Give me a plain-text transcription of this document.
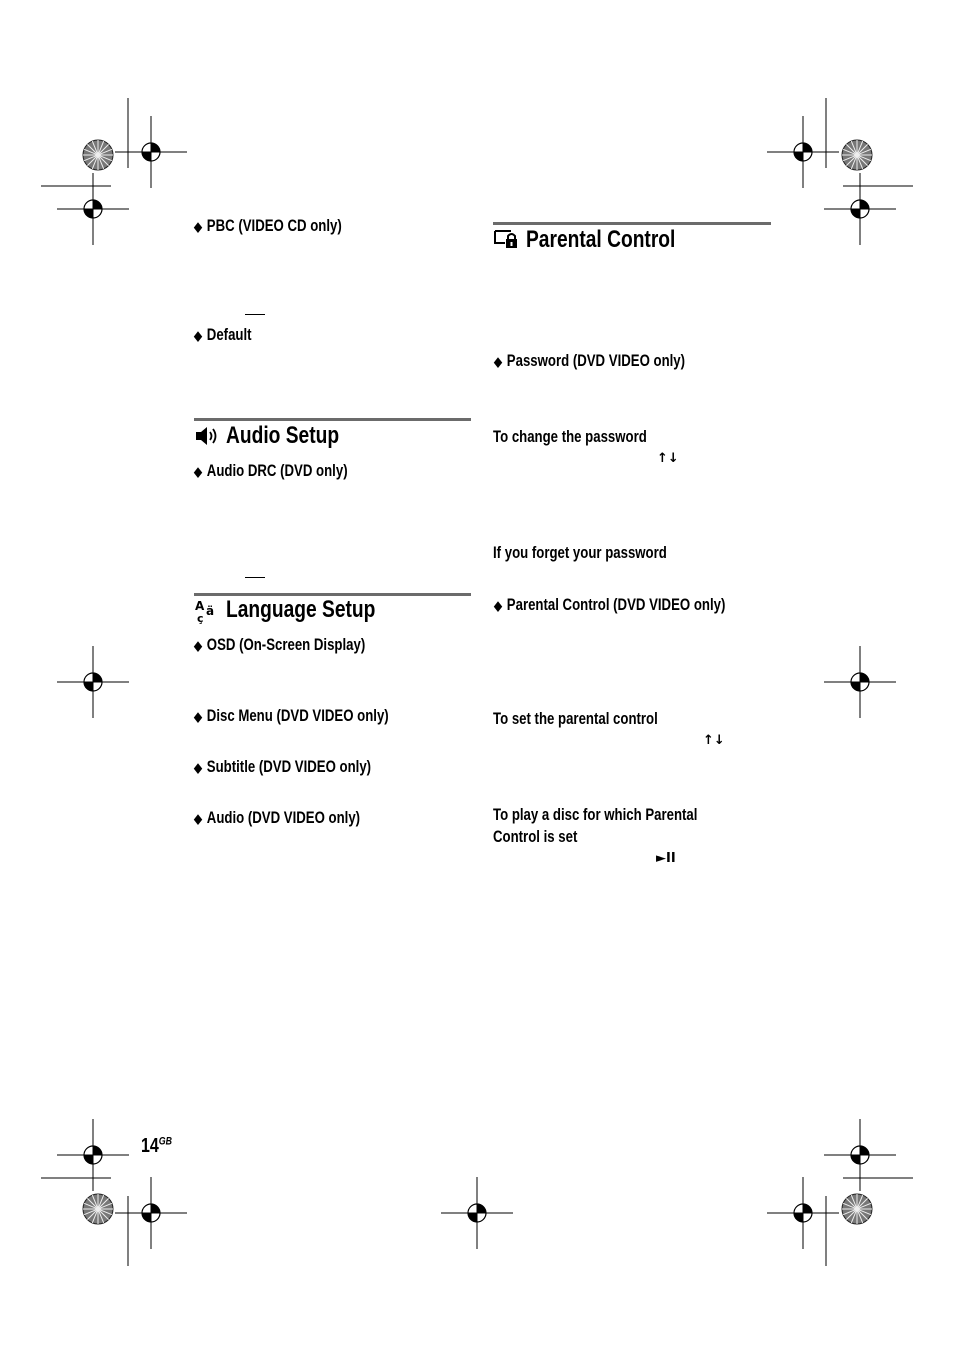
◆ PBC (VIDEO CD only)
◆ Default
Audio Setup
◆ Audio DRC (DVD only)
A ä
ç Language Setup
◆ OSD (On-Screen Display)
◆ Disc Menu (DVD VIDEO only)
◆ Subtitle (DVD VIDEO only)
◆ Audio (DVD VIDEO only)
Parental Control
◆ Password (DVD VIDEO only)
To change the password
↑↓
If you forget your password
◆ Parental Control (DVD VIDEO only)
To set the parental control
↑↓
To play a disc for which Parental
Control is set
►II
$14^{GB}$
